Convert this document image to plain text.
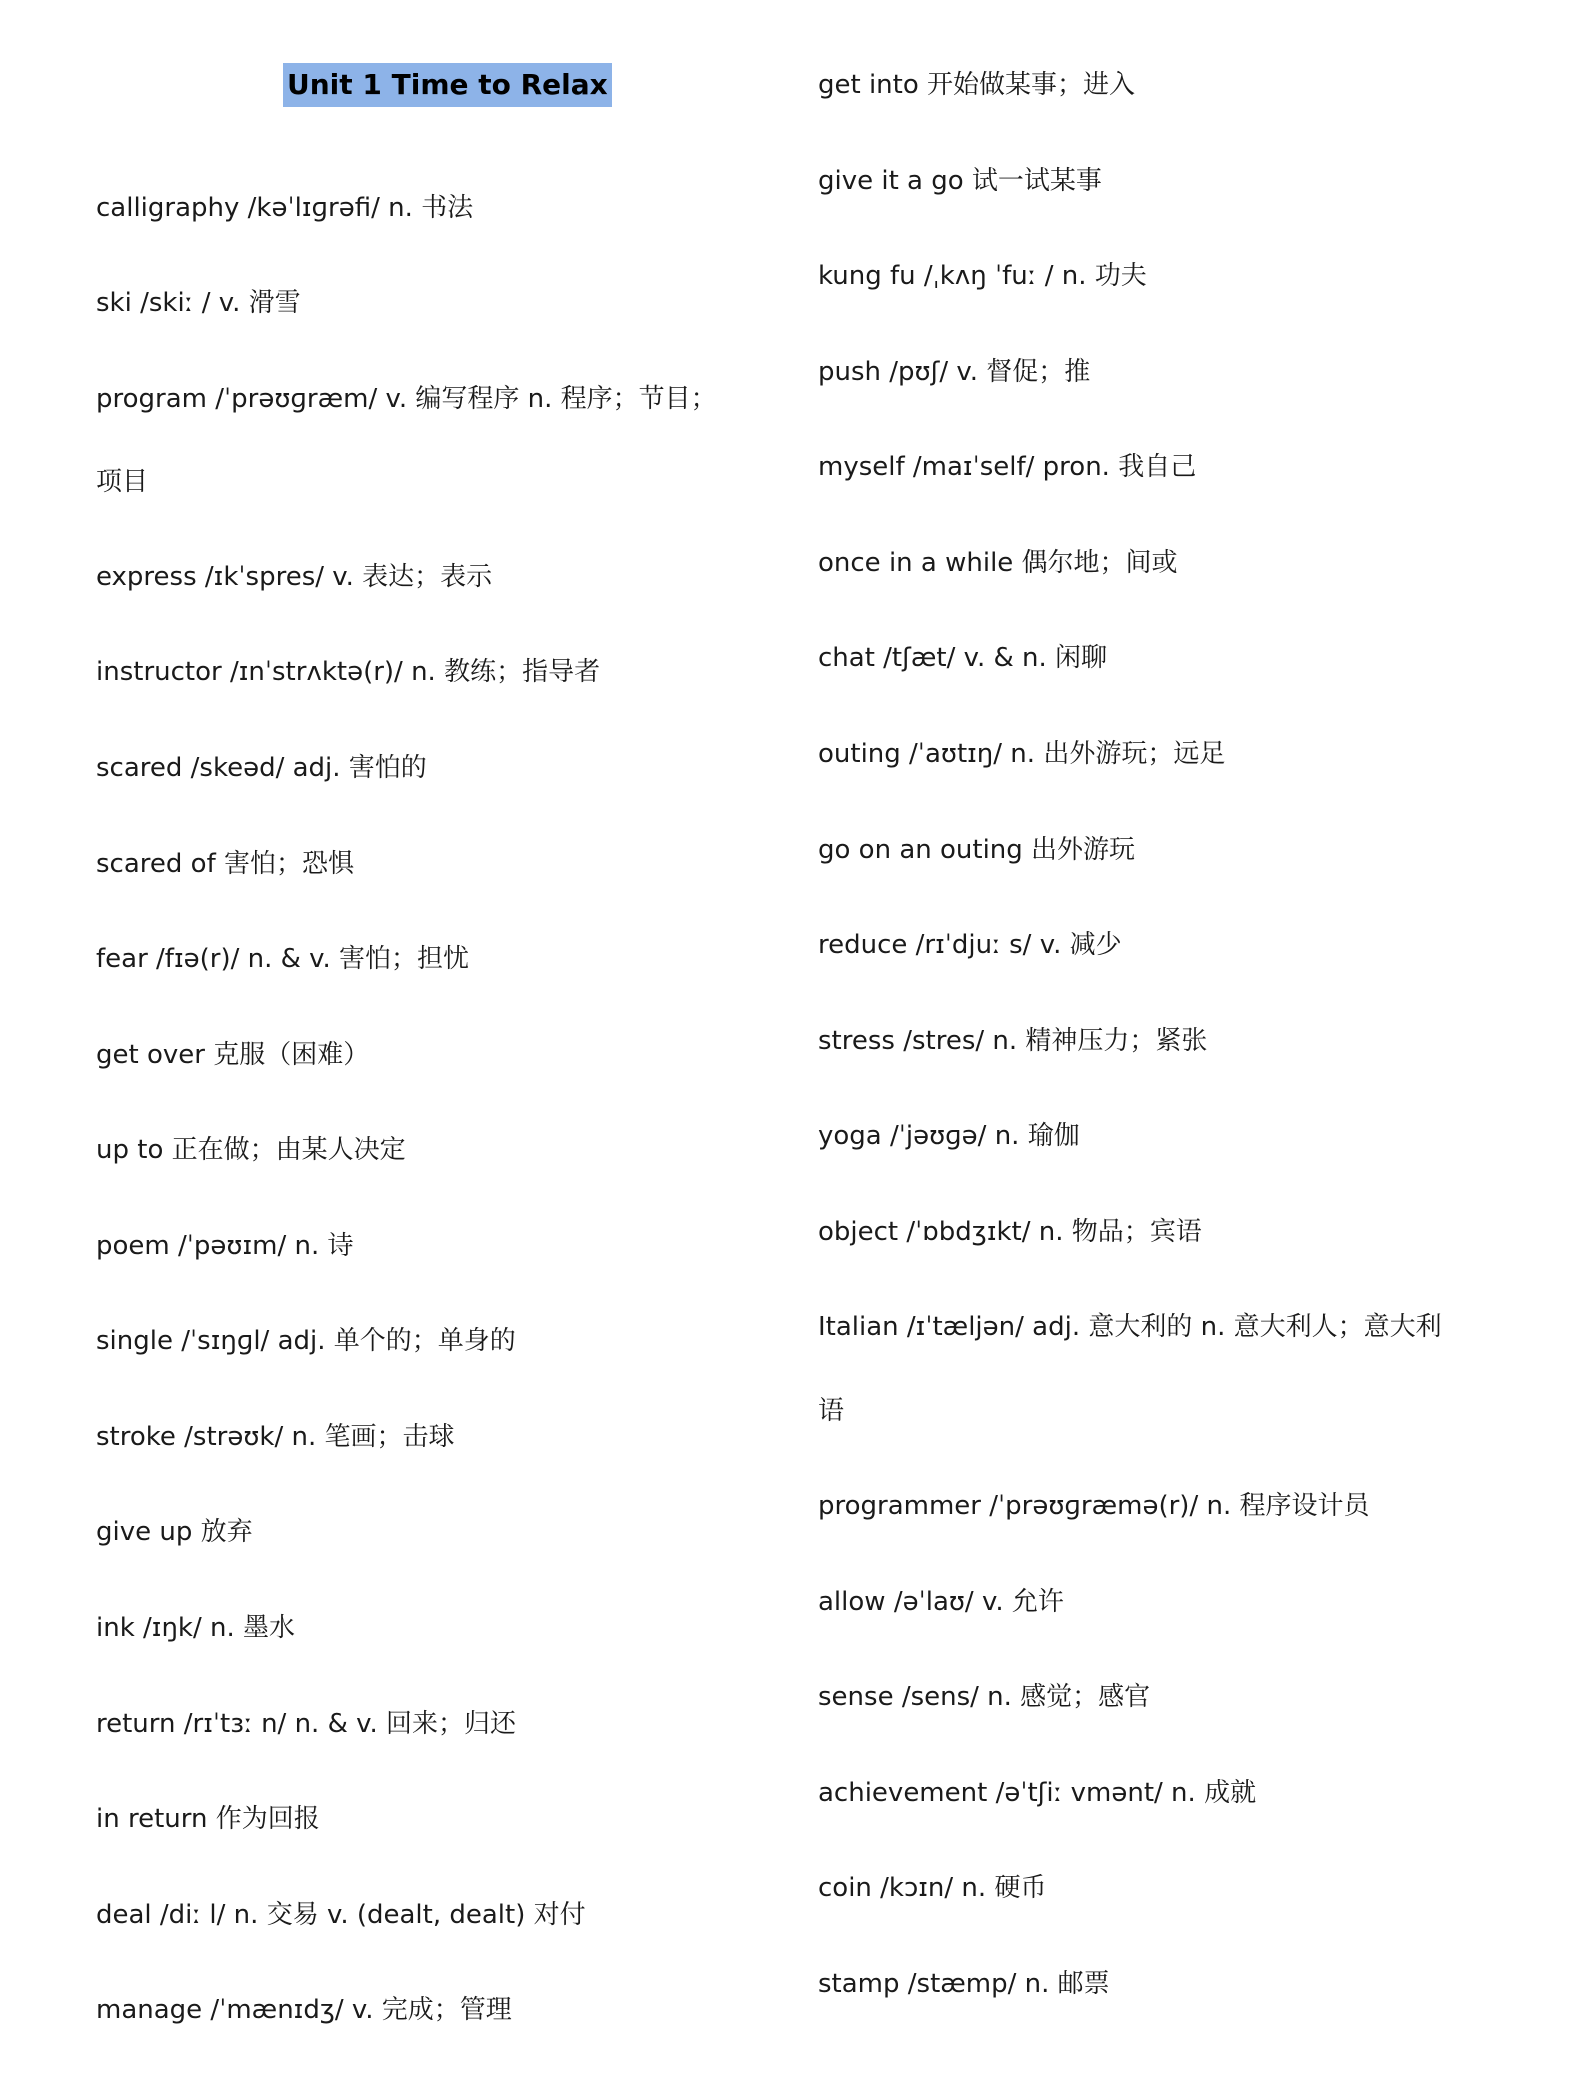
Unit 1 Time to Relax
calligraphy /kəˈlɪɡrəfi/ n. 书法
ski /skiː / v. 滑雪
program /ˈprəʊɡræm/ v. 编写程序 n. 程序；节目；
项目
express /ɪkˈspres/ v. 表达；表示
instructor /ɪnˈstrʌktə(r)/ n. 教练；指导者
scared /skeəd/ adj. 害怕的
scared of 害怕；恐惧
fear /fɪə(r)/ n. & v. 害怕；担忧
get over 克服（困难）
up to 正在做；由某人决定
poem /ˈpəʊɪm/ n. 诗
single /ˈsɪŋɡl/ adj. 单个的；单身的
stroke /strəʊk/ n. 笔画；击球
give up 放弃
ink /ɪŋk/ n. 墨水
return /rɪˈtɜː n/ n. & v. 回来；归还
in return 作为回报
deal /diː l/ n. 交易 v. (dealt, dealt) 对付
manage /ˈmænɪdʒ/ v. 完成；管理
get into 开始做某事；进入
give it a go 试一试某事
kung fu /ˌkʌŋ ˈfuː / n. 功夫
push /pʊʃ/ v. 督促；推
myself /maɪˈself/ pron. 我自己
once in a while 偶尔地；间或
chat /tʃæt/ v. & n. 闲聊
outing /ˈaʊtɪŋ/ n. 出外游玩；远足
go on an outing 出外游玩
reduce /rɪˈdjuː s/ v. 减少
stress /stres/ n. 精神压力；紧张
yoga /ˈjəʊɡə/ n. 瑜伽
object /ˈɒbdʒɪkt/ n. 物品；宾语
Italian /ɪˈtæljən/ adj. 意大利的 n. 意大利人；意大利
语
programmer /ˈprəʊɡræmə(r)/ n. 程序设计员
allow /əˈlaʊ/ v. 允许
sense /sens/ n. 感觉；感官
achievement /əˈtʃiː vmənt/ n. 成就
coin /kɔɪn/ n. 硬币
stamp /stæmp/ n. 邮票
